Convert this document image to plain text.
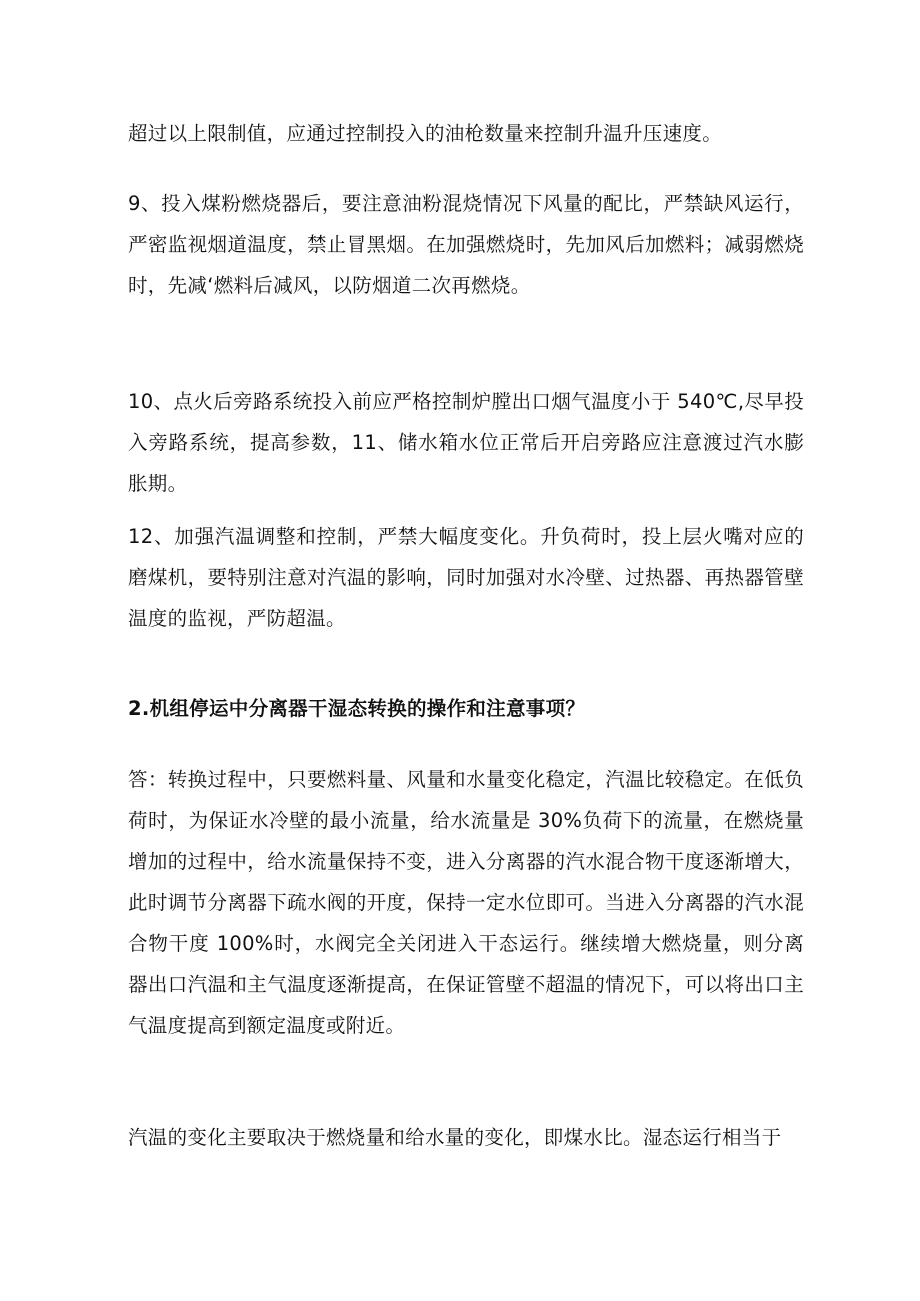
超过以上限制值，应通过控制投入的油枪数量来控制升温升压速度。

9、投入煤粉燃烧器后，要注意油粉混烧情况下风量的配比，严禁缺风运行，严密监视烟道温度，禁止冒黑烟。在加强燃烧时，先加风后加燃料；减弱燃烧时，先减‘燃料后减风，以防烟道二次再燃烧。

10、点火后旁路系统投入前应严格控制炉膛出口烟气温度小于 540℃,尽早投入旁路系统，提高参数，11、储水箱水位正常后开启旁路应注意渡过汽水膨胀期。

12、加强汽温调整和控制，严禁大幅度变化。升负荷时，投上层火嘴对应的磨煤机，要特别注意对汽温的影响，同时加强对水冷壁、过热器、再热器管壁温度的监视，严防超温。

2.机组停运中分离器干湿态转换的操作和注意事项？

答：转换过程中，只要燃料量、风量和水量变化稳定，汽温比较稳定。在低负荷时，为保证水冷壁的最小流量，给水流量是 30%负荷下的流量，在燃烧量增加的过程中，给水流量保持不变，进入分离器的汽水混合物干度逐渐增大，此时调节分离器下疏水阀的开度，保持一定水位即可。当进入分离器的汽水混合物干度 100%时，水阀完全关闭进入干态运行。继续增大燃烧量，则分离器出口汽温和主气温度逐渐提高，在保证管壁不超温的情况下，可以将出口主气温度提高到额定温度或附近。

汽温的变化主要取决于燃烧量和给水量的变化，即煤水比。湿态运行相当于
